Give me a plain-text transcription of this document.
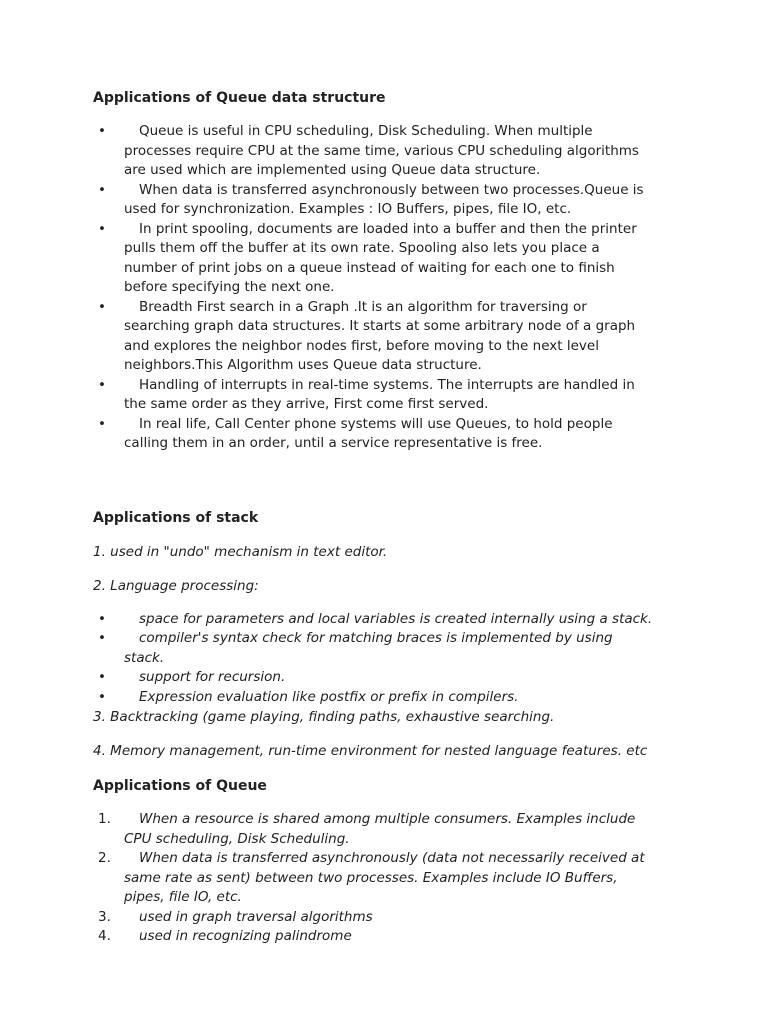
Applications of Queue data structure
• Queue is useful in CPU scheduling, Disk Scheduling. When multiple processes require CPU at the same time, various CPU scheduling algorithms are used which are implemented using Queue data structure.
• When data is transferred asynchronously between two processes.Queue is used for synchronization. Examples : IO Buffers, pipes, file IO, etc.
• In print spooling, documents are loaded into a buffer and then the printer pulls them off the buffer at its own rate. Spooling also lets you place a number of print jobs on a queue instead of waiting for each one to finish before specifying the next one.
• Breadth First search in a Graph .It is an algorithm for traversing or searching graph data structures. It starts at some arbitrary node of a graph and explores the neighbor nodes first, before moving to the next level neighbors.This Algorithm uses Queue data structure.
• Handling of interrupts in real-time systems. The interrupts are handled in the same order as they arrive, First come first served.
• In real life, Call Center phone systems will use Queues, to hold people calling them in an order, until a service representative is free.
Applications of stack

1. used in "undo" mechanism in text editor.

2. Language processing:

• space for parameters and local variables is created internally using a stack.
• compiler's syntax check for matching braces is implemented by using stack.
• support for recursion.
• Expression evaluation like postfix or prefix in compilers.

3. Backtracking (game playing, finding paths, exhaustive searching.

4. Memory management, run-time environment for nested language features. etc

Applications of Queue
1. When a resource is shared among multiple consumers. Examples include CPU scheduling, Disk Scheduling.
2. When data is transferred asynchronously (data not necessarily received at same rate as sent) between two processes. Examples include IO Buffers, pipes, file IO, etc.
3. used in graph traversal algorithms
4. used in recognizing palindrome
